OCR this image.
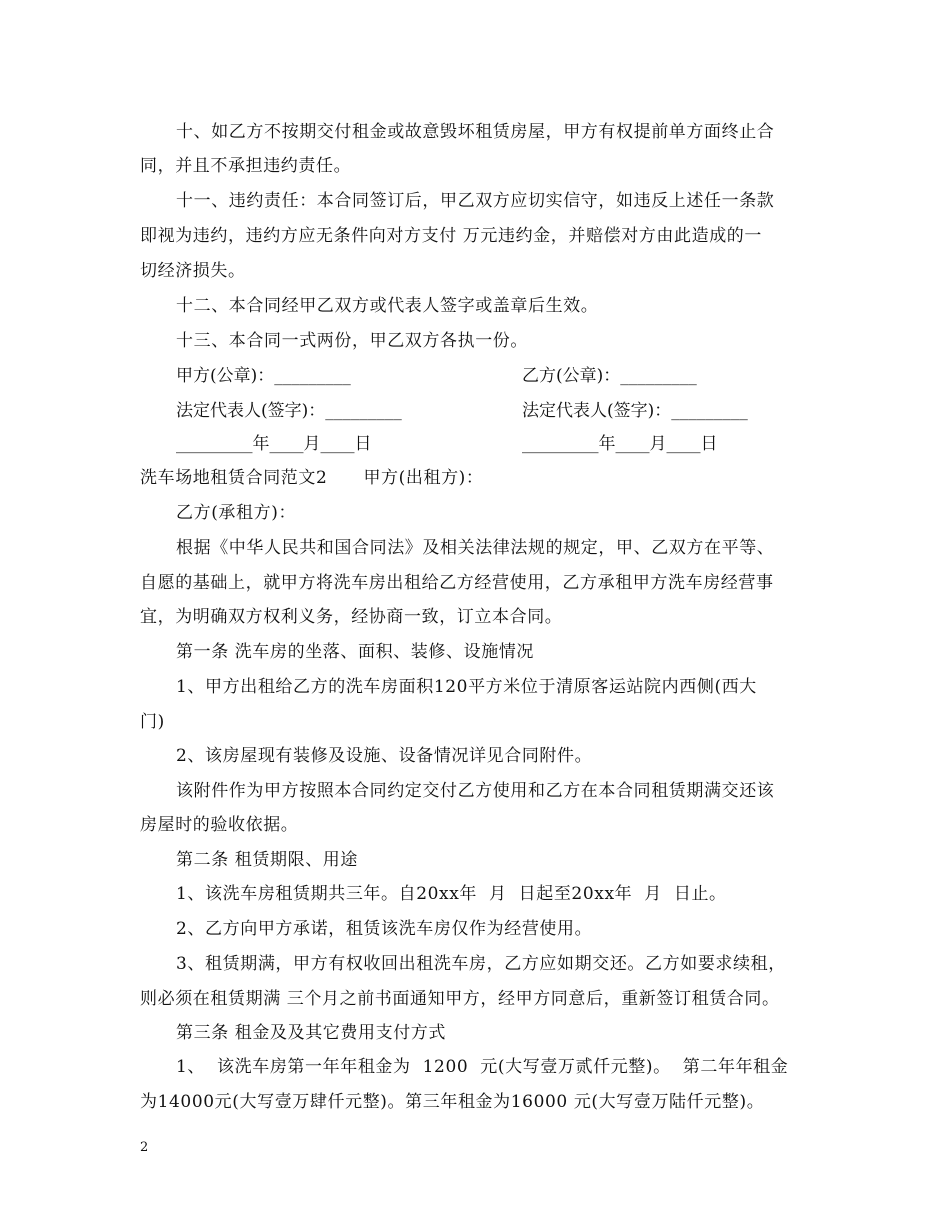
十、如乙方不按期交付租金或故意毁坏租赁房屋，甲方有权提前单方面终止合
同，并且不承担违约责任。
十一、违约责任：本合同签订后，甲乙双方应切实信守，如违反上述任一条款
即视为违约，违约方应无条件向对方支付 万元违约金，并赔偿对方由此造成的一
切经济损失。
十二、本合同经甲乙双方或代表人签字或盖章后生效。
十三、本合同一式两份，甲乙双方各执一份。
甲方(公章)：_________	乙方(公章)：_________
法定代表人(签字)：_________	法定代表人(签字)：_________
_________年____月____日	_________年____月____日
洗车场地租赁合同范文2      甲方(出租方)：
乙方(承租方)：
根据《中华人民共和国合同法》及相关法律法规的规定，甲、乙双方在平等、
自愿的基础上，就甲方将洗车房出租给乙方经营使用，乙方承租甲方洗车房经营事
宜，为明确双方权利义务，经协商一致，订立本合同。
第一条 洗车房的坐落、面积、装修、设施情况
1、甲方出租给乙方的洗车房面积120平方米位于清原客运站院内西侧(西大
门)
2、该房屋现有装修及设施、设备情况详见合同附件。
该附件作为甲方按照本合同约定交付乙方使用和乙方在本合同租赁期满交还该
房屋时的验收依据。
第二条 租赁期限、用途
1、该洗车房租赁期共三年。自20xx年  月  日起至20xx年  月  日止。
2、乙方向甲方承诺，租赁该洗车房仅作为经营使用。
3、租赁期满，甲方有权收回出租洗车房，乙方应如期交还。乙方如要求续租，
则必须在租赁期满 三个月之前书面通知甲方，经甲方同意后，重新签订租赁合同。
第三条 租金及及其它费用支付方式
1、  该洗车房第一年年租金为  1200  元(大写壹万贰仟元整)。  第二年年租金
为14000元(大写壹万肆仟元整)。第三年租金为16000 元(大写壹万陆仟元整)。
2
